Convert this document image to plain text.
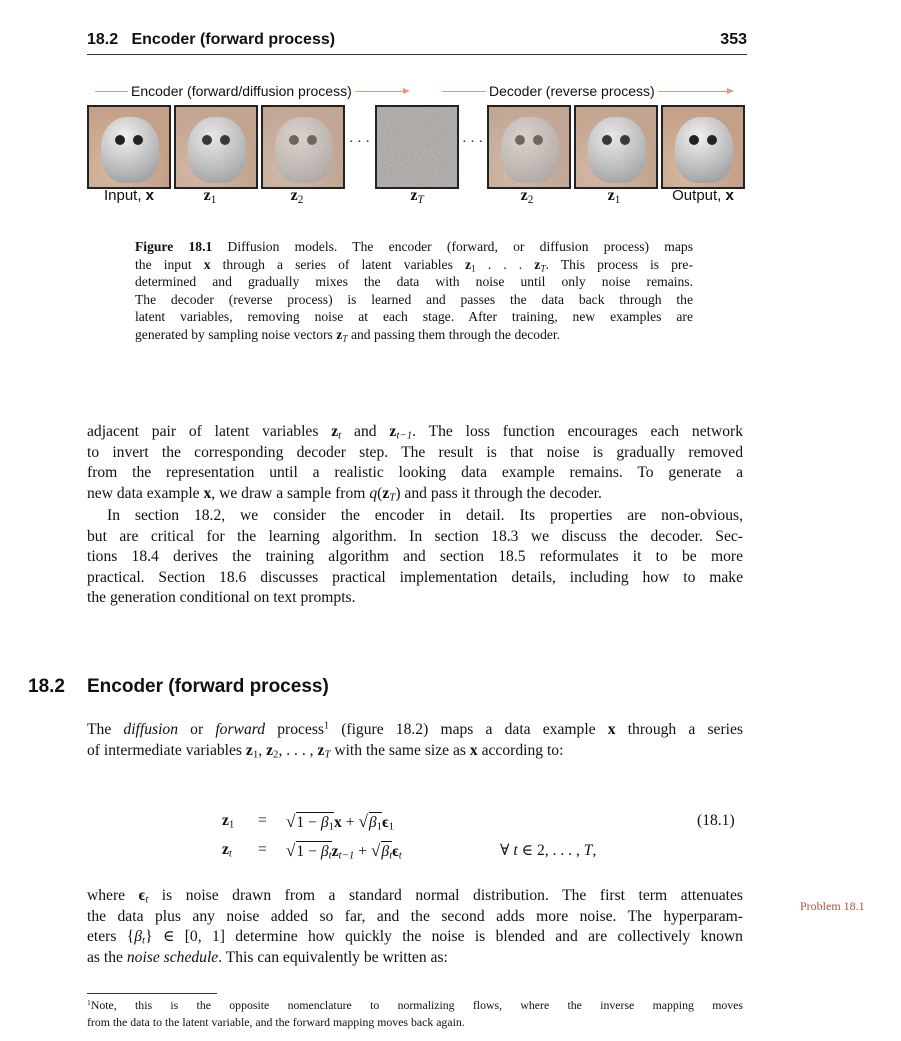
18.2   Encoder (forward process)	353
Encoder (forward/diffusion process)	Decoder (reverse process)
· · ·	· · ·
Input, x	$z_1$	$z_2$	$z_T$	$z_2$	$z_1$	Output, x
Figure 18.1 Diffusion models. The encoder (forward, or diffusion process) maps
the input x through a series of latent variables $z_1$ . . . $z_T$. This process is pre-
determined and gradually mixes the data with noise until only noise remains.
The decoder (reverse process) is learned and passes the data back through the
latent variables, removing noise at each stage. After training, new examples are
generated by sampling noise vectors $z_T$ and passing them through the decoder.
adjacent pair of latent variables $z_t$ and $z_{t-1}$. The loss function encourages each network
to invert the corresponding decoder step. The result is that noise is gradually removed
from the representation until a realistic looking data example remains. To generate a
new data example x, we draw a sample from $q(z_T)$ and pass it through the decoder.
In section 18.2, we consider the encoder in detail. Its properties are non-obvious,
but are critical for the learning algorithm. In section 18.3 we discuss the decoder. Sec-
tions 18.4 derives the training algorithm and section 18.5 reformulates it to be more
practical. Section 18.6 discusses practical implementation details, including how to make
the generation conditional on text prompts.
18.2 Encoder (forward process)
The diffusion or forward process$^1$ (figure 18.2) maps a data example x through a series
of intermediate variables $z_1$, $z_2$, . . . , $z_T$ with the same size as x according to:
$z_1 = √1 - \beta_1x + √\beta_1\epsilon_1$	(18.1)
$z_t = √1 - \beta_tz_{t-1} + √\beta_t\epsilon_t$	∀ t ∈ 2, . . . , T,
where $\epsilon_t$ is noise drawn from a standard normal distribution. The first term attenuates
the data plus any noise added so far, and the second adds more noise. The hyperparam-
eters $\{\beta_t\}$ ∈ [0, 1] determine how quickly the noise is blended and are collectively known
as the noise schedule. This can equivalently be written as:
Problem 18.1
$^1$Note, this is the opposite nomenclature to normalizing flows, where the inverse mapping moves
from the data to the latent variable, and the forward mapping moves back again.
